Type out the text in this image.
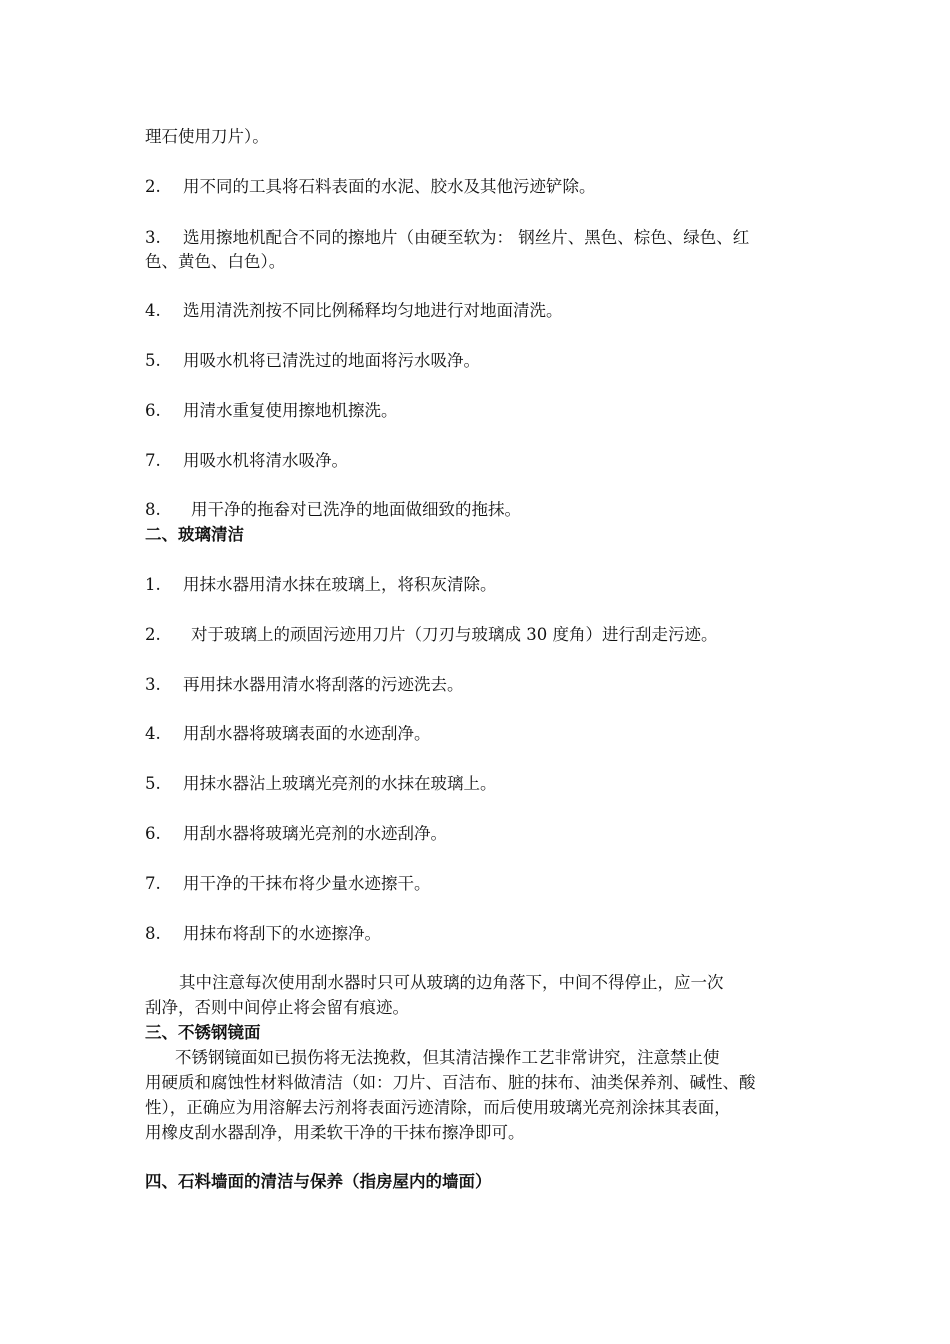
理石使用刀片）。
2. 用不同的工具将石料表面的水泥、胶水及其他污迹铲除。
3. 选用擦地机配合不同的擦地片（由硬至软为： 钢丝片、黑色、棕色、绿色、红
色、黄色、白色）。
4. 选用清洗剂按不同比例稀释均匀地进行对地面清洗。
5. 用吸水机将已清洗过的地面将污水吸净。
6. 用清水重复使用擦地机擦洗。
7. 用吸水机将清水吸净。
8. 用干净的拖畚对已洗净的地面做细致的拖抹。
二、玻璃清洁
1. 用抹水器用清水抹在玻璃上，将积灰清除。
2. 对于玻璃上的顽固污迹用刀片（刀刃与玻璃成 30 度角）进行刮走污迹。
3. 再用抹水器用清水将刮落的污迹洗去。
4. 用刮水器将玻璃表面的水迹刮净。
5. 用抹水器沾上玻璃光亮剂的水抹在玻璃上。
6. 用刮水器将玻璃光亮剂的水迹刮净。
7. 用干净的干抹布将少量水迹擦干。
8. 用抹布将刮下的水迹擦净。
其中注意每次使用刮水器时只可从玻璃的边角落下，中间不得停止，应一次
刮净，否则中间停止将会留有痕迹。
三、不锈钢镜面
不锈钢镜面如已损伤将无法挽救，但其清洁操作工艺非常讲究，注意禁止使
用硬质和腐蚀性材料做清洁（如：刀片、百洁布、脏的抹布、油类保养剂、碱性、酸
性），正确应为用溶解去污剂将表面污迹清除，而后使用玻璃光亮剂涂抹其表面，
用橡皮刮水器刮净，用柔软干净的干抹布擦净即可。
四、石料墙面的清洁与保养（指房屋内的墙面）
